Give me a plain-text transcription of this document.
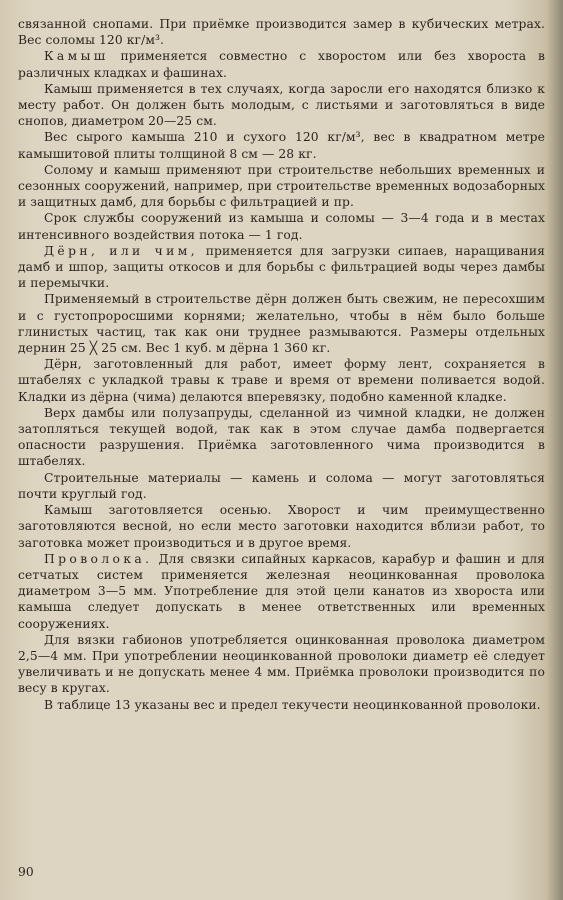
связанной снопами. При приёмке производится замер в кубических метрах. Вес соломы 120 кг/м³.

Камыш применяется совместно с хворостом или без хвороста в различных кладках и фашинах.

Камыш применяется в тех случаях, когда заросли его находятся близко к месту работ. Он должен быть молодым, с листьями и заготовляться в виде снопов, диаметром 20—25 см.

Вес сырого камыша 210 и сухого 120 кг/м³, вес в квадратном метре камышитовой плиты толщиной 8 см — 28 кг.

Солому и камыш применяют при строительстве небольших временных и сезонных сооружений, например, при строительстве временных водозаборных и защитных дамб, для борьбы с фильтрацией и пр.

Срок службы сооружений из камыша и соломы — 3—4 года и в местах интенсивного воздействия потока — 1 год.

Дёрн, или чим, применяется для загрузки сипаев, наращивания дамб и шпор, защиты откосов и для борьбы с фильтрацией воды через дамбы и перемычки.

Применяемый в строительстве дёрн должен быть свежим, не пересохшим и с густопроросшими корнями; желательно, чтобы в нём было больше глинистых частиц, так как они труднее размываются. Размеры отдельных дернин 25 ╳ 25 см. Вес 1 куб. м дёрна 1 360 кг.

Дёрн, заготовленный для работ, имеет форму лент, сохраняется в штабелях с укладкой травы к траве и время от времени поливается водой. Кладки из дёрна (чима) делаются вперевязку, подобно каменной кладке.

Верх дамбы или полузапруды, сделанной из чимной кладки, не должен затопляться текущей водой, так как в этом случае дамба подвергается опасности разрушения. Приёмка заготовленного чима производится в штабелях.

Строительные материалы — камень и солома — могут заготовляться почти круглый год.

Камыш заготовляется осенью. Хворост и чим преимущественно заготовляются весной, но если место заготовки находится вблизи работ, то заготовка может производиться и в другое время.

Проволока. Для связки сипайных каркасов, карабур и фашин и для сетчатых систем применяется железная неоцинкованная проволока диаметром 3—5 мм. Употребление для этой цели канатов из хвороста или камыша следует допускать в менее ответственных или временных сооружениях.

Для вязки габионов употребляется оцинкованная проволока диаметром 2,5—4 мм. При употреблении неоцинкованной проволоки диаметр её следует увеличивать и не допускать менее 4 мм. Приёмка проволоки производится по весу в кругах.

В таблице 13 указаны вес и предел текучести неоцинкованной проволоки.

90
